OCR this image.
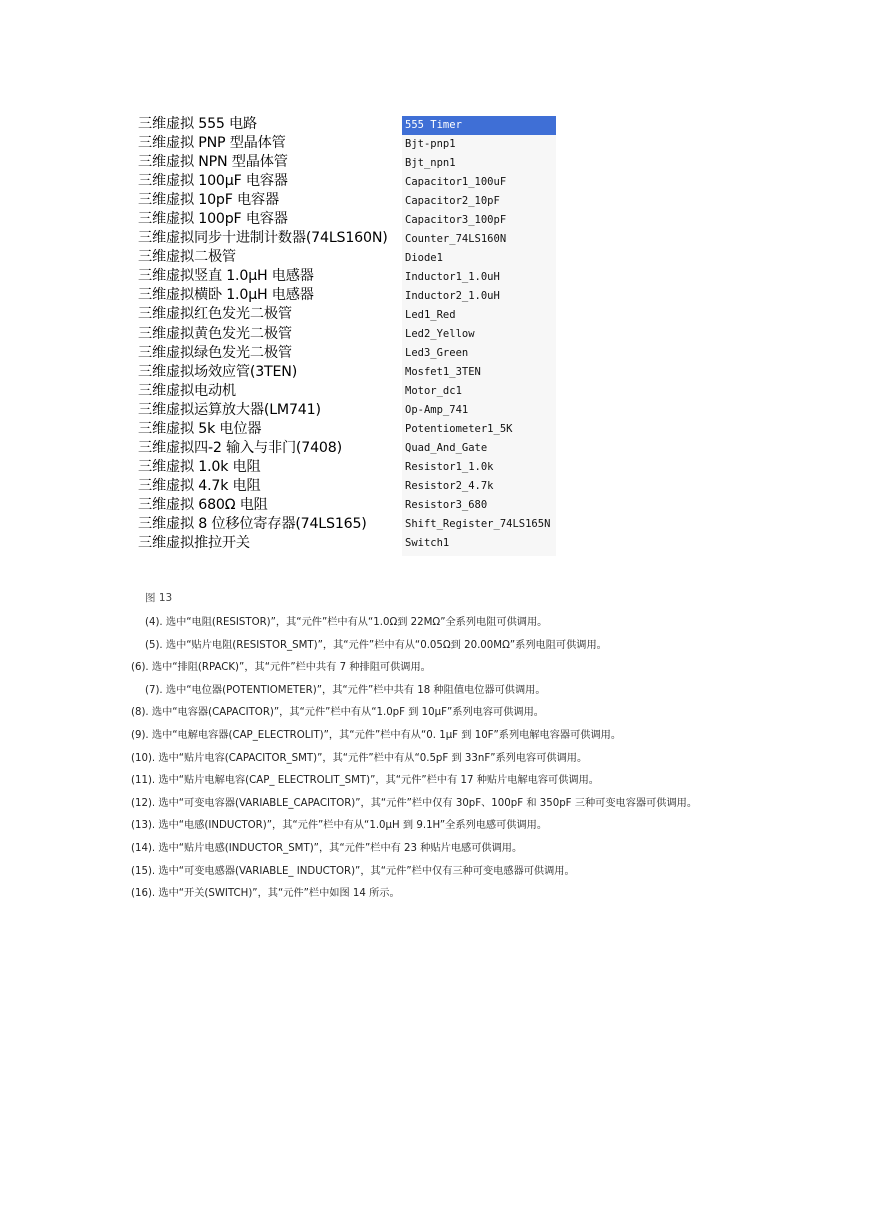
三维虚拟 555 电路
三维虚拟 PNP 型晶体管
三维虚拟 NPN 型晶体管
三维虚拟 100μF 电容器
三维虚拟 10pF 电容器
三维虚拟 100pF 电容器
三维虚拟同步十进制计数器(74LS160N)
三维虚拟二极管
三维虚拟竖直 1.0μH 电感器
三维虚拟横卧 1.0μH 电感器
三维虚拟红色发光二极管
三维虚拟黄色发光二极管
三维虚拟绿色发光二极管
三维虚拟场效应管(3TEN)
三维虚拟电动机
三维虚拟运算放大器(LM741)
三维虚拟 5k 电位器
三维虚拟四-2 输入与非门(7408)
三维虚拟 1.0k 电阻
三维虚拟 4.7k 电阻
三维虚拟 680Ω 电阻
三维虚拟 8 位移位寄存器(74LS165)
三维虚拟推拉开关
555 Timer
Bjt-pnp1
Bjt_npn1
Capacitor1_100uF
Capacitor2_10pF
Capacitor3_100pF
Counter_74LS160N
Diode1
Inductor1_1.0uH
Inductor2_1.0uH
Led1_Red
Led2_Yellow
Led3_Green
Mosfet1_3TEN
Motor_dc1
Op-Amp_741
Potentiometer1_5K
Quad_And_Gate
Resistor1_1.0k
Resistor2_4.7k
Resistor3_680
Shift_Register_74LS165N
Switch1
图 13
(4). 选中“电阻(RESISTOR)”，其“元件”栏中有从“1.0Ω到 22MΩ”全系列电阻可供调用。
(5). 选中“贴片电阻(RESISTOR_SMT)”，其“元件”栏中有从“0.05Ω到 20.00MΩ”系列电阻可供调用。
(6). 选中“排阻(RPACK)”，其“元件”栏中共有 7 种排阻可供调用。
(7). 选中“电位器(POTENTIOMETER)”，其“元件”栏中共有 18 种阻值电位器可供调用。
(8). 选中“电容器(CAPACITOR)”，其“元件”栏中有从“1.0pF 到 10μF”系列电容可供调用。
(9). 选中“电解电容器(CAP_ELECTROLIT)”，其“元件”栏中有从“0. 1μF 到 10F”系列电解电容器可供调用。
(10). 选中“贴片电容(CAPACITOR_SMT)”，其“元件”栏中有从“0.5pF 到 33nF”系列电容可供调用。
(11). 选中“贴片电解电容(CAP_ ELECTROLIT_SMT)”，其“元件”栏中有 17 种贴片电解电容可供调用。
(12). 选中“可变电容器(VARIABLE_CAPACITOR)”，其“元件”栏中仅有 30pF、100pF 和 350pF 三种可变电容器可供调用。
(13). 选中“电感(INDUCTOR)”，其“元件”栏中有从“1.0μH 到 9.1H”全系列电感可供调用。
(14). 选中“贴片电感(INDUCTOR_SMT)”，其“元件”栏中有 23 种贴片电感可供调用。
(15). 选中“可变电感器(VARIABLE_ INDUCTOR)”，其“元件”栏中仅有三种可变电感器可供调用。
(16). 选中“开关(SWITCH)”，其“元件”栏中如图 14 所示。
